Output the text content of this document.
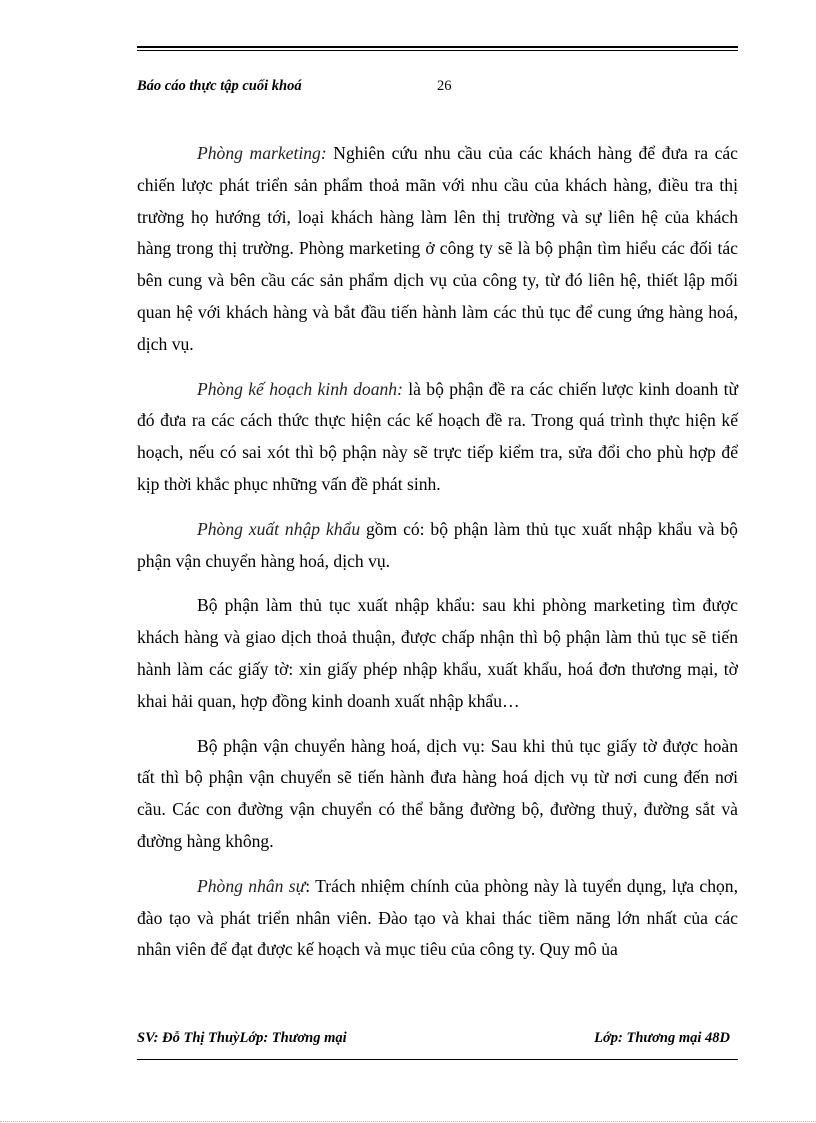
Báo cáo thực tập cuối khoá	26

Phòng marketing: Nghiên cứu nhu cầu của các khách hàng để đưa ra các chiến lược phát triển sản phẩm thoả mãn với nhu cầu của khách hàng, điều tra thị trường họ hướng tới, loại khách hàng làm lên thị trường và sự liên hệ của khách hàng trong thị trường. Phòng marketing ở công ty sẽ là bộ phận tìm hiểu các đối tác bên cung và bên cầu các sản phẩm dịch vụ của công ty, từ đó liên hệ, thiết lập mối quan hệ với khách hàng và bắt đầu tiến hành làm các thủ tục để cung ứng hàng hoá, dịch vụ.

Phòng kế hoạch kinh doanh: là bộ phận đề ra các chiến lược kinh doanh từ đó đưa ra các cách thức thực hiện các kế hoạch đề ra. Trong quá trình thực hiện kế hoạch, nếu có sai xót thì bộ phận này sẽ trực tiếp kiểm tra, sửa đổi cho phù hợp để kịp thời khắc phục những vấn đề phát sinh.

Phòng xuất nhập khẩu gồm có: bộ phận làm thủ tục xuất nhập khẩu và bộ phận vận chuyển hàng hoá, dịch vụ.

Bộ phận làm thủ tục xuất nhập khẩu: sau khi phòng marketing tìm được khách hàng và giao dịch thoả thuận, được chấp nhận thì bộ phận làm thủ tục sẽ tiến hành làm các giấy tờ: xin giấy phép nhập khẩu, xuất khẩu, hoá đơn thương mại, tờ khai hải quan, hợp đồng kinh doanh xuất nhập khẩu…

Bộ phận vận chuyển hàng hoá, dịch vụ: Sau khi thủ tục giấy tờ được hoàn tất thì bộ phận vận chuyển sẽ tiến hành đưa hàng hoá dịch vụ từ nơi cung đến nơi cầu. Các con đường vận chuyển có thể bằng đường bộ, đường thuỷ, đường sắt và đường hàng không.

Phòng nhân sự: Trách nhiệm chính của phòng này là tuyển dụng, lựa chọn, đào tạo và phát triển nhân viên. Đào tạo và khai thác tiềm năng lớn nhất của các nhân viên để đạt được kế hoạch và mục tiêu của công ty. Quy mô ủa

SV: Đỗ Thị ThuỳLớp: Thương mại	Lớp: Thương mại 48D
